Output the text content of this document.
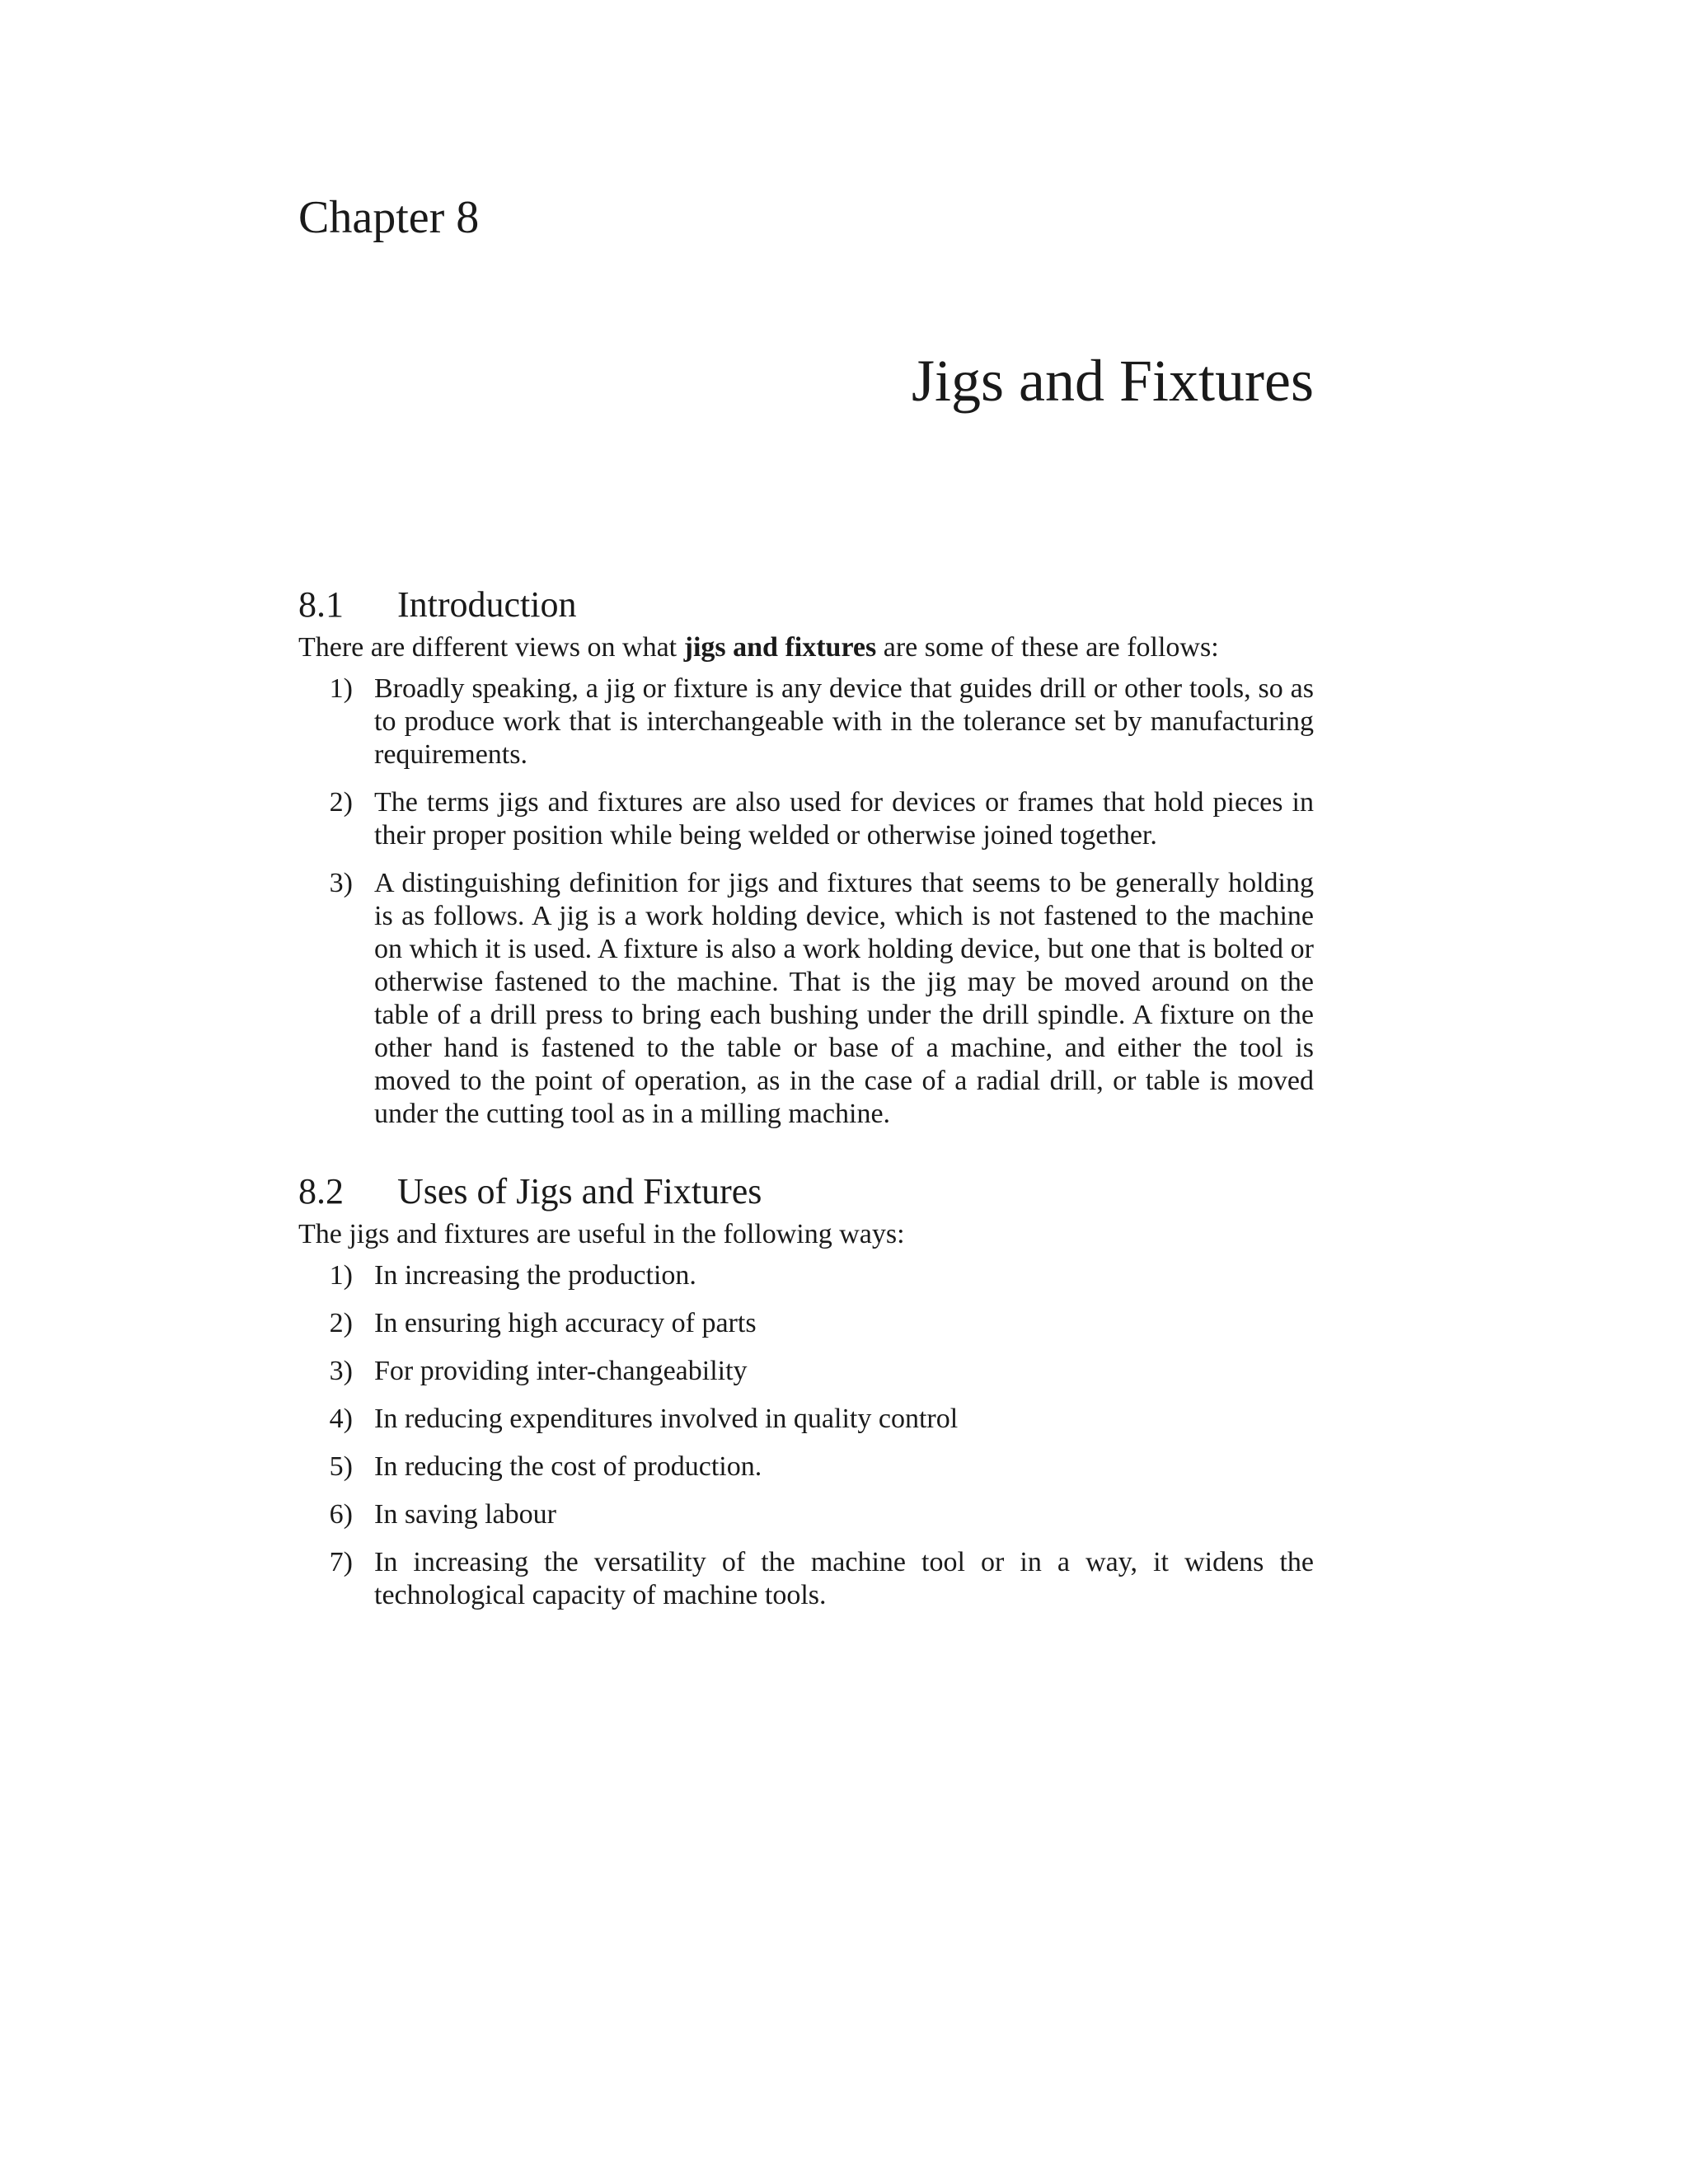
Chapter 8
Jigs and Fixtures
8.1	Introduction

There are different views on what jigs and fixtures are some of these are follows:

1) Broadly speaking, a jig or fixture is any device that guides drill or other tools, so as to produce work that is interchangeable with in the tolerance set by manufacturing requirements.
2) The terms jigs and fixtures are also used for devices or frames that hold pieces in their proper position while being welded or otherwise joined together.
3) A distinguishing definition for jigs and fixtures that seems to be generally holding is as follows. A jig is a work holding device, which is not fastened to the machine on which it is used. A fixture is also a work holding device, but one that is bolted or otherwise fastened to the machine. That is the jig may be moved around on the table of a drill press to bring each bushing under the drill spindle. A fixture on the other hand is fastened to the table or base of a machine, and either the tool is moved to the point of operation, as in the case of a radial drill, or table is moved under the cutting tool as in a milling machine.
8.2	Uses of Jigs and Fixtures

The jigs and fixtures are useful in the following ways:

1) In increasing the production.
2) In ensuring high accuracy of parts
3) For providing inter-changeability
4) In reducing expenditures involved in quality control
5) In reducing the cost of production.
6) In saving labour
7) In increasing the versatility of the machine tool or in a way, it widens the technological capacity of machine tools.
